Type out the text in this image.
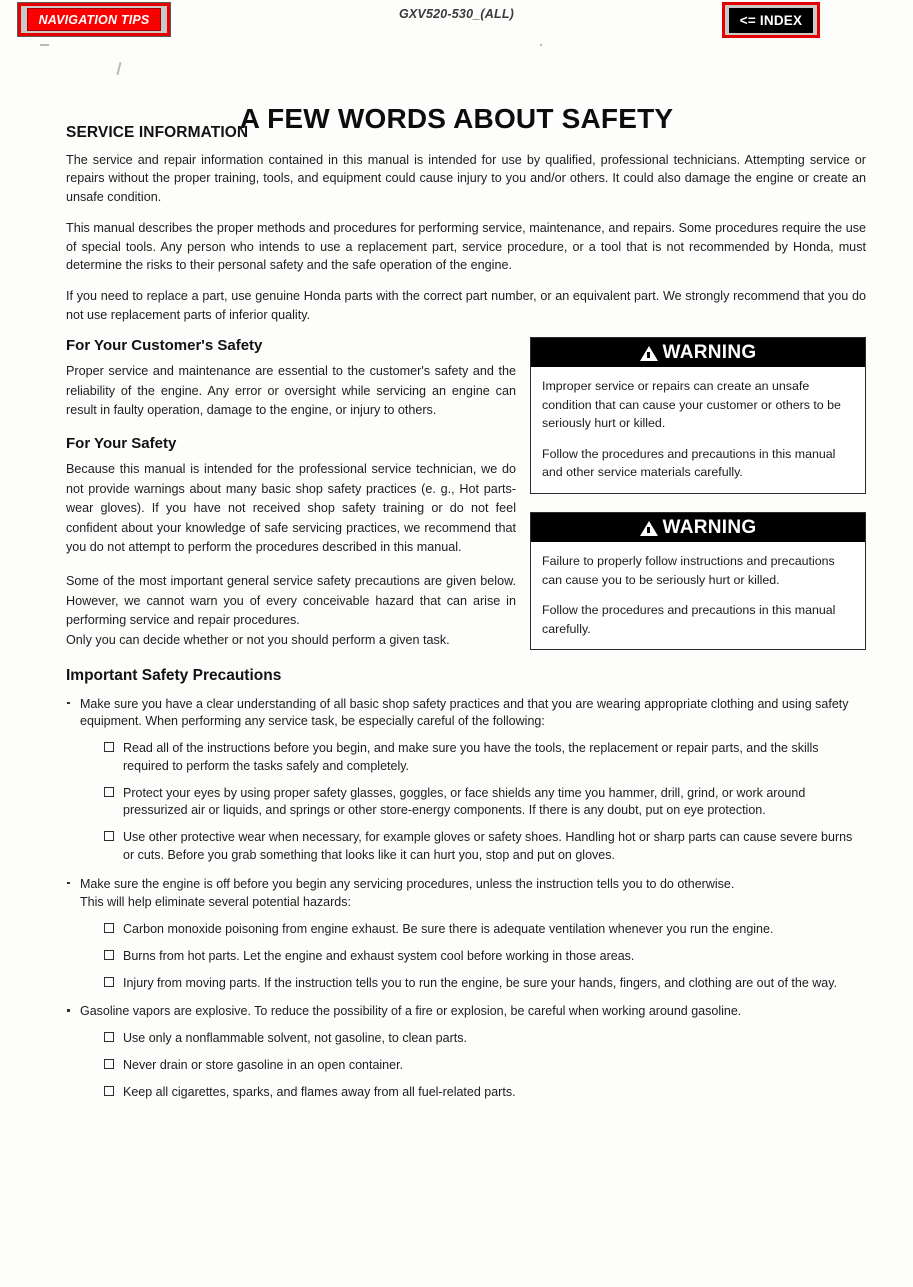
NAVIGATION TIPS	GXV520-530_(ALL)	<= INDEX
A FEW WORDS ABOUT SAFETY
SERVICE INFORMATION

The service and repair information contained in this manual is intended for use by qualified, professional technicians. Attempting service or repairs without the proper training, tools, and equipment could cause injury to you and/or others. It could also damage the engine or create an unsafe condition.

This manual describes the proper methods and procedures for performing service, maintenance, and repairs. Some procedures require the use of special tools. Any person who intends to use a replacement part, service procedure, or a tool that is not recommended by Honda, must determine the risks to their personal safety and the safe operation of the engine.

If you need to replace a part, use genuine Honda parts with the correct part number, or an equivalent part. We strongly recommend that you do not use replacement parts of inferior quality.

For Your Customer's Safety

Proper service and maintenance are essential to the customer's safety and the reliability of the engine. Any error or oversight while servicing an engine can result in faulty operation, damage to the engine, or injury to others.

For Your Safety

Because this manual is intended for the professional service technician, we do not provide warnings about many basic shop safety practices (e. g., Hot parts-wear gloves). If you have not received shop safety training or do not feel confident about your knowledge of safe servicing practices, we recommend that you do not attempt to perform the procedures described in this manual.

Some of the most important general service safety precautions are given below. However, we cannot warn you of every conceivable hazard that can arise in performing service and repair procedures.

Only you can decide whether or not you should perform a given task.

WARNING

Improper service or repairs can create an unsafe condition that can cause your customer or others to be seriously hurt or killed.

Follow the procedures and precautions in this manual and other service materials carefully.

WARNING

Failure to properly follow instructions and precautions can cause you to be seriously hurt or killed.

Follow the procedures and precautions in this manual carefully.

Important Safety Precautions
Make sure you have a clear understanding of all basic shop safety practices and that you are wearing appropriate clothing and using safety equipment. When performing any service task, be especially careful of the following:
Read all of the instructions before you begin, and make sure you have the tools, the replacement or repair parts, and the skills required to perform the tasks safely and completely.
Protect your eyes by using proper safety glasses, goggles, or face shields any time you hammer, drill, grind, or work around pressurized air or liquids, and springs or other store-energy components. If there is any doubt, put on eye protection.
Use other protective wear when necessary, for example gloves or safety shoes. Handling hot or sharp parts can cause severe burns or cuts. Before you grab something that looks like it can hurt you, stop and put on gloves.
Make sure the engine is off before you begin any servicing procedures, unless the instruction tells you to do otherwise.
This will help eliminate several potential hazards:
Carbon monoxide poisoning from engine exhaust. Be sure there is adequate ventilation whenever you run the engine.
Burns from hot parts. Let the engine and exhaust system cool before working in those areas.
Injury from moving parts. If the instruction tells you to run the engine, be sure your hands, fingers, and clothing are out of the way.
Gasoline vapors are explosive. To reduce the possibility of a fire or explosion, be careful when working around gasoline.
Use only a nonflammable solvent, not gasoline, to clean parts.
Never drain or store gasoline in an open container.
Keep all cigarettes, sparks, and flames away from all fuel-related parts.
